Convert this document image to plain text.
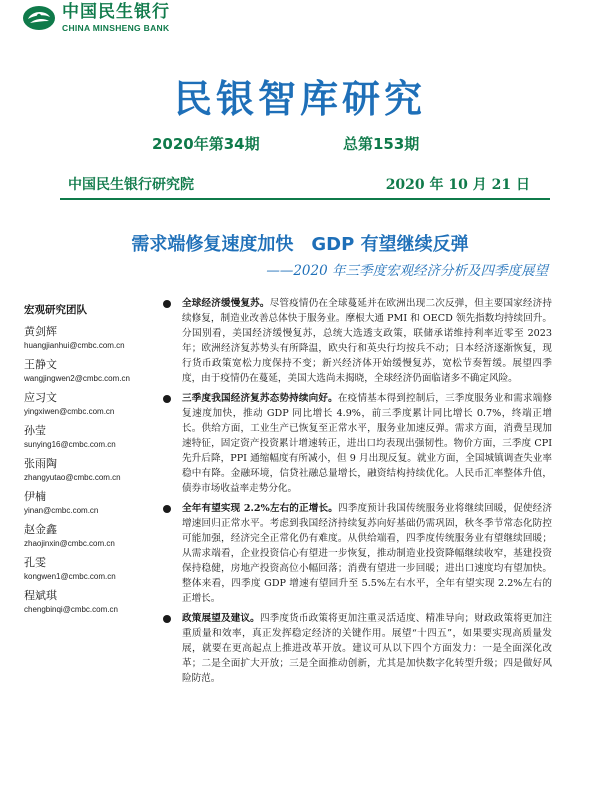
中国民生银行
CHINA MINSHENG BANK
民银智库研究
2020年第34期	总第153期
中国民生银行研究院	2020 年 10 月 21 日
需求端修复速度加快　GDP 有望继续反弹
——2020 年三季度宏观经济分析及四季度展望
宏观研究团队
黄剑辉
huangjianhui@cmbc.com.cn
王静文
wangjingwen2@cmbc.com.cn
应习文
yingxiwen@cmbc.com.cn
孙莹
sunying16@cmbc.com.cn
张雨陶
zhangyutao@cmbc.com.cn
伊楠
yinan@cmbc.com.cn
赵金鑫
zhaojinxin@cmbc.com.cn
孔雯
kongwen1@cmbc.com.cn
程斌琪
chengbinqi@cmbc.com.cn
全球经济缓慢复苏。尽管疫情仍在全球蔓延并在欧洲出现二次反弹，但主要国家经济持续修复，制造业改善总体快于服务业。摩根大通 PMI 和 OECD 领先指数均持续回升。分国别看，美国经济缓慢复苏，总统大选透支政策，联储承诺维持利率近零至 2023 年；欧洲经济复苏势头有所降温，欧央行和英央行均按兵不动；日本经济逐渐恢复，现行货币政策宽松力度保持不变；新兴经济体开始缓慢复苏，宽松节奏暂缓。展望四季度，由于疫情仍在蔓延，美国大选尚未揭晓，全球经济仍面临诸多不确定风险。
三季度我国经济复苏态势持续向好。在疫情基本得到控制后，三季度服务业和需求端修复速度加快，推动 GDP 同比增长 4.9%，前三季度累计同比增长 0.7%，终端正增长。供给方面，工业生产已恢复至正常水平，服务业加速反弹。需求方面，消费呈现加速特征，固定资产投资累计增速转正，进出口均表现出强韧性。物价方面，三季度 CPI 先升后降，PPI 通缩幅度有所减小，但 9 月出现反复。就业方面，全国城镇调查失业率稳中有降。金融环境，信贷社融总量增长，融资结构持续优化。人民币汇率整体升值，债券市场收益率走势分化。
全年有望实现 2.2%左右的正增长。四季度预计我国传统服务业将继续回暖，促使经济增速回归正常水平。考虑到我国经济持续复苏向好基础仍需巩固，秋冬季节常态化防控可能加强，经济完全正常化仍有难度。从供给端看，四季度传统服务业有望继续回暖；从需求端看，企业投资信心有望进一步恢复，推动制造业投资降幅继续收窄，基建投资保持稳健，房地产投资高位小幅回落；消费有望进一步回暖；进出口速度均有望加快。整体来看，四季度 GDP 增速有望回升至 5.5%左右水平，全年有望实现 2.2%左右的正增长。
政策展望及建议。四季度货币政策将更加注重灵活适度、精准导向；财政政策将更加注重质量和效率，真正发挥稳定经济的关键作用。展望“十四五”，如果要实现高质量发展，就要在更高起点上推进改革开放。建议可从以下四个方面发力：一是全面深化改革；二是全面扩大开放；三是全面推动创新，尤其是加快数字化转型升级；四是做好风险防范。
